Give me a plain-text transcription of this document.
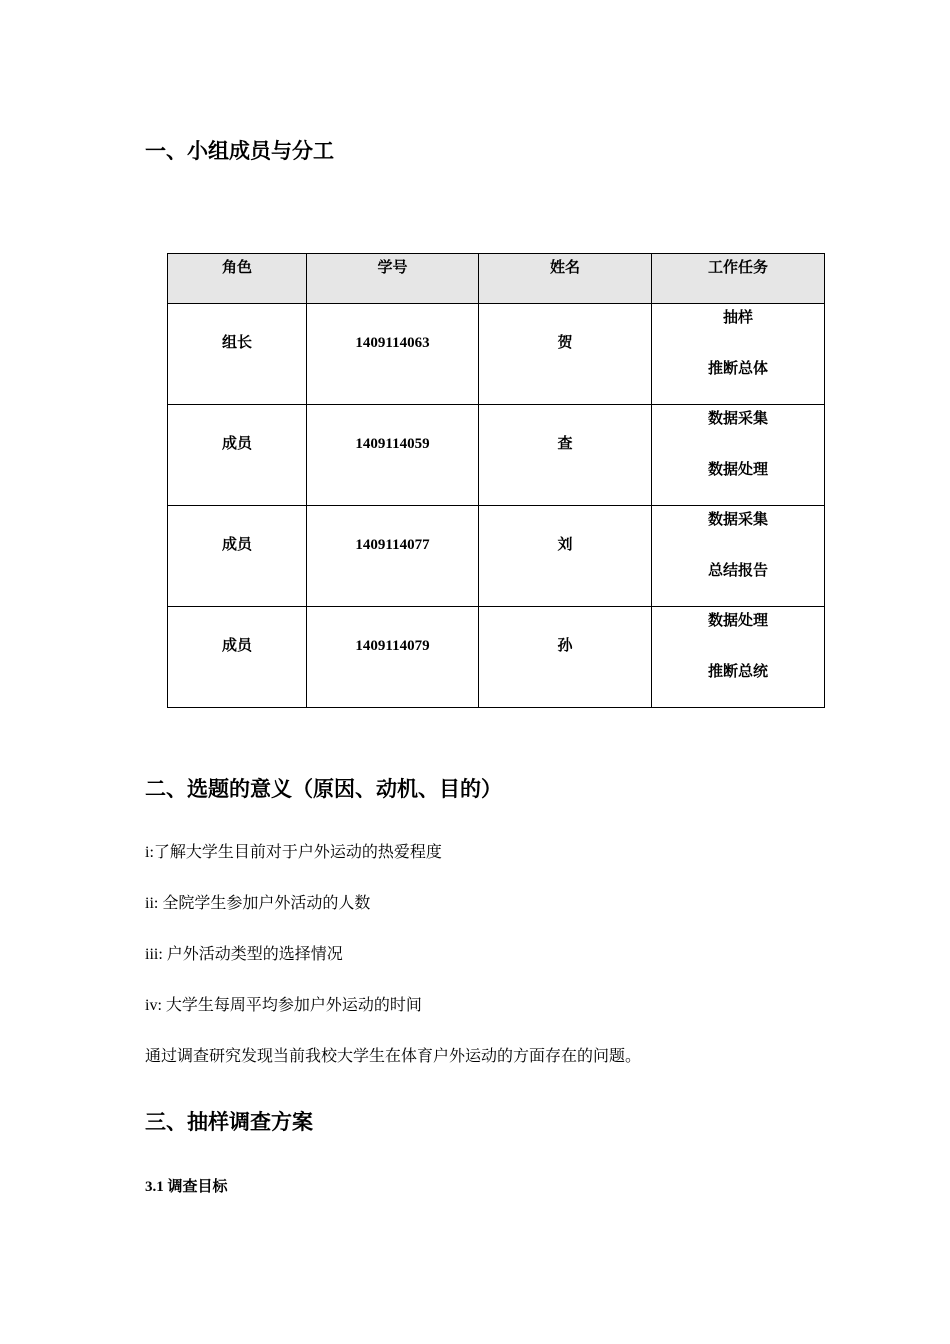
一、小组成员与分工
角色	学号	姓名	工作任务

组长	1409114063	贺	抽样
推断总体

成员	1409114059	查	数据采集
数据处理

成员	1409114077	刘	数据采集
总结报告

成员	1409114079	孙	数据处理
推断总统
二、选题的意义（原因、动机、目的）
i:了解大学生目前对于户外运动的热爱程度
ii: 全院学生参加户外活动的人数
iii: 户外活动类型的选择情况
iv: 大学生每周平均参加户外运动的时间
通过调查研究发现当前我校大学生在体育户外运动的方面存在的问题。
三、抽样调查方案
3.1 调查目标
